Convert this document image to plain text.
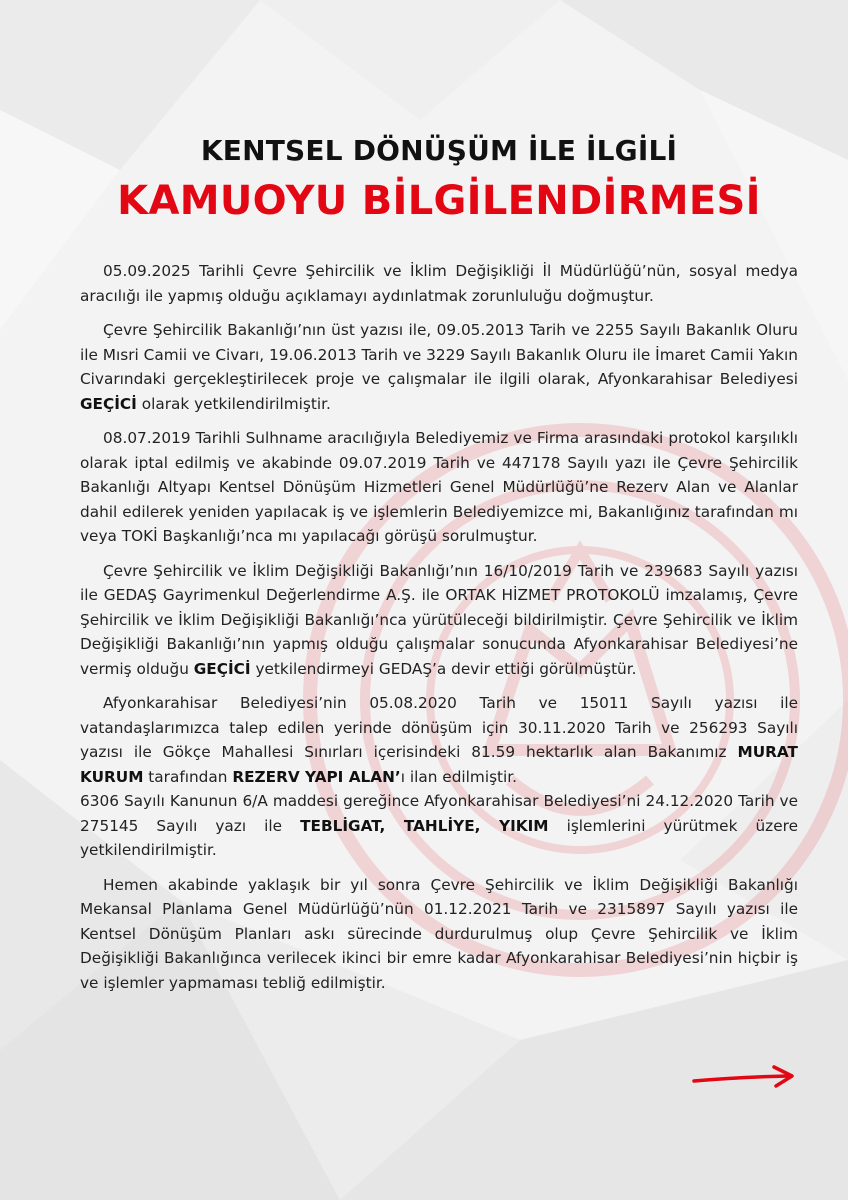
KENTSEL DÖNÜŞÜM İLE İLGİLİ
KAMUOYU BİLGİLENDİRMESİ

05.09.2025 Tarihli Çevre Şehircilik ve İklim Değişikliği İl Müdürlüğü’nün, sosyal medya aracılığı ile yapmış olduğu açıklamayı aydınlatmak zorunluluğu doğmuştur.

Çevre Şehircilik Bakanlığı’nın üst yazısı ile, 09.05.2013 Tarih ve 2255 Sayılı Bakanlık Oluru ile Mısri Camii ve Civarı, 19.06.2013 Tarih ve 3229 Sayılı Bakanlık Oluru ile İmaret Camii Yakın Civarındaki gerçekleştirilecek proje ve çalışmalar ile ilgili olarak, Afyonkarahisar Belediyesi GEÇİCİ olarak yetkilendirilmiştir.

08.07.2019 Tarihli Sulhname aracılığıyla Belediyemiz ve Firma arasındaki protokol karşılıklı olarak iptal edilmiş ve akabinde 09.07.2019 Tarih ve 447178 Sayılı yazı ile Çevre Şehircilik Bakanlığı Altyapı Kentsel Dönüşüm Hizmetleri Genel Müdürlüğü’ne Rezerv Alan ve Alanlar dahil edilerek yeniden yapılacak iş ve işlemlerin Belediyemizce mi, Bakanlığınız tarafından mı veya TOKİ Başkanlığı’nca mı yapılacağı görüşü sorulmuştur.

Çevre Şehircilik ve İklim Değişikliği Bakanlığı’nın 16/10/2019 Tarih ve 239683 Sayılı yazısı ile GEDAŞ Gayrimenkul Değerlendirme A.Ş. ile ORTAK HİZMET PROTOKOLÜ imzalamış, Çevre Şehircilik ve İklim Değişikliği Bakanlığı’nca yürütüleceği bildirilmiştir. Çevre Şehircilik ve İklim Değişikliği Bakanlığı’nın yapmış olduğu çalışmalar sonucunda Afyonkarahisar Belediyesi’ne vermiş olduğu GEÇİCİ yetkilendirmeyi GEDAŞ’a devir ettiği görülmüştür.

Afyonkarahisar Belediyesi’nin 05.08.2020 Tarih ve 15011 Sayılı yazısı ile vatandaşlarımızca talep edilen yerinde dönüşüm için 30.11.2020 Tarih ve 256293 Sayılı yazısı ile Gökçe Mahallesi Sınırları içerisindeki 81.59 hektarlık alan Bakanımız MURAT KURUM tarafından REZERV YAPI ALAN’ı ilan edilmiştir.

6306 Sayılı Kanunun 6/A maddesi gereğince Afyonkarahisar Belediyesi’ni 24.12.2020 Tarih ve 275145 Sayılı yazı ile TEBLİGAT, TAHLİYE, YIKIM işlemlerini yürütmek üzere yetkilendirilmiştir.

Hemen akabinde yaklaşık bir yıl sonra Çevre Şehircilik ve İklim Değişikliği Bakanlığı Mekansal Planlama Genel Müdürlüğü’nün 01.12.2021 Tarih ve 2315897 Sayılı yazısı ile Kentsel Dönüşüm Planları askı sürecinde durdurulmuş olup Çevre Şehircilik ve İklim Değişikliği Bakanlığınca verilecek ikinci bir emre kadar Afyonkarahisar Belediyesi’nin hiçbir iş ve işlemler yapmaması tebliğ edilmiştir.
